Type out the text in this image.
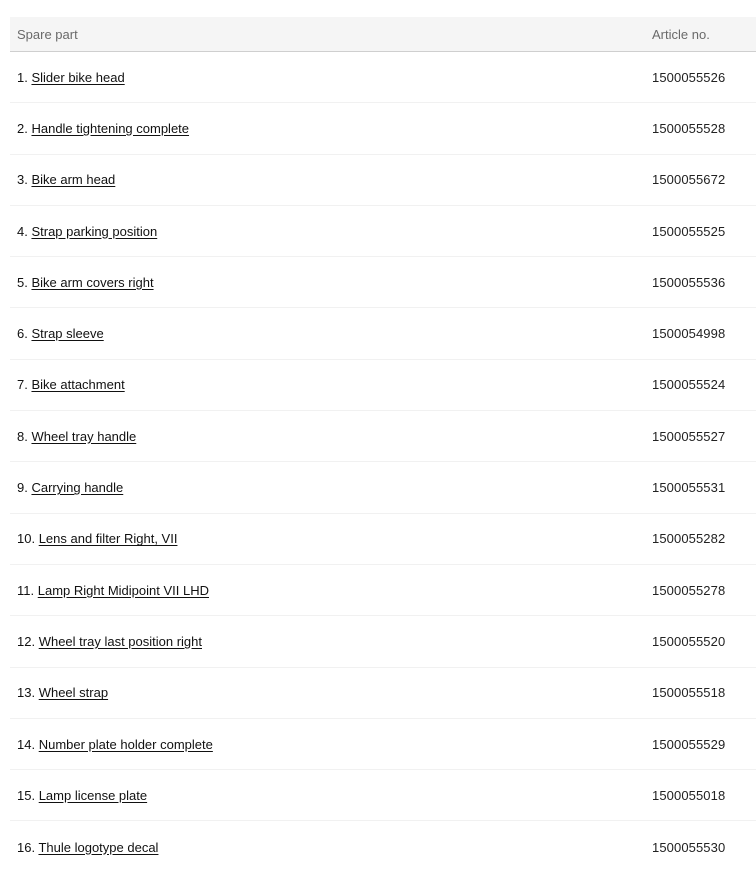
Spare part	Article no.
1. Slider bike head	1500055526
2. Handle tightening complete	1500055528
3. Bike arm head	1500055672
4. Strap parking position	1500055525
5. Bike arm covers right	1500055536
6. Strap sleeve	1500054998
7. Bike attachment	1500055524
8. Wheel tray handle	1500055527
9. Carrying handle	1500055531
10. Lens and filter Right, VII	1500055282
11. Lamp Right Midipoint VII LHD	1500055278
12. Wheel tray last position right	1500055520
13. Wheel strap	1500055518
14. Number plate holder complete	1500055529
15. Lamp license plate	1500055018
16. Thule logotype decal	1500055530
